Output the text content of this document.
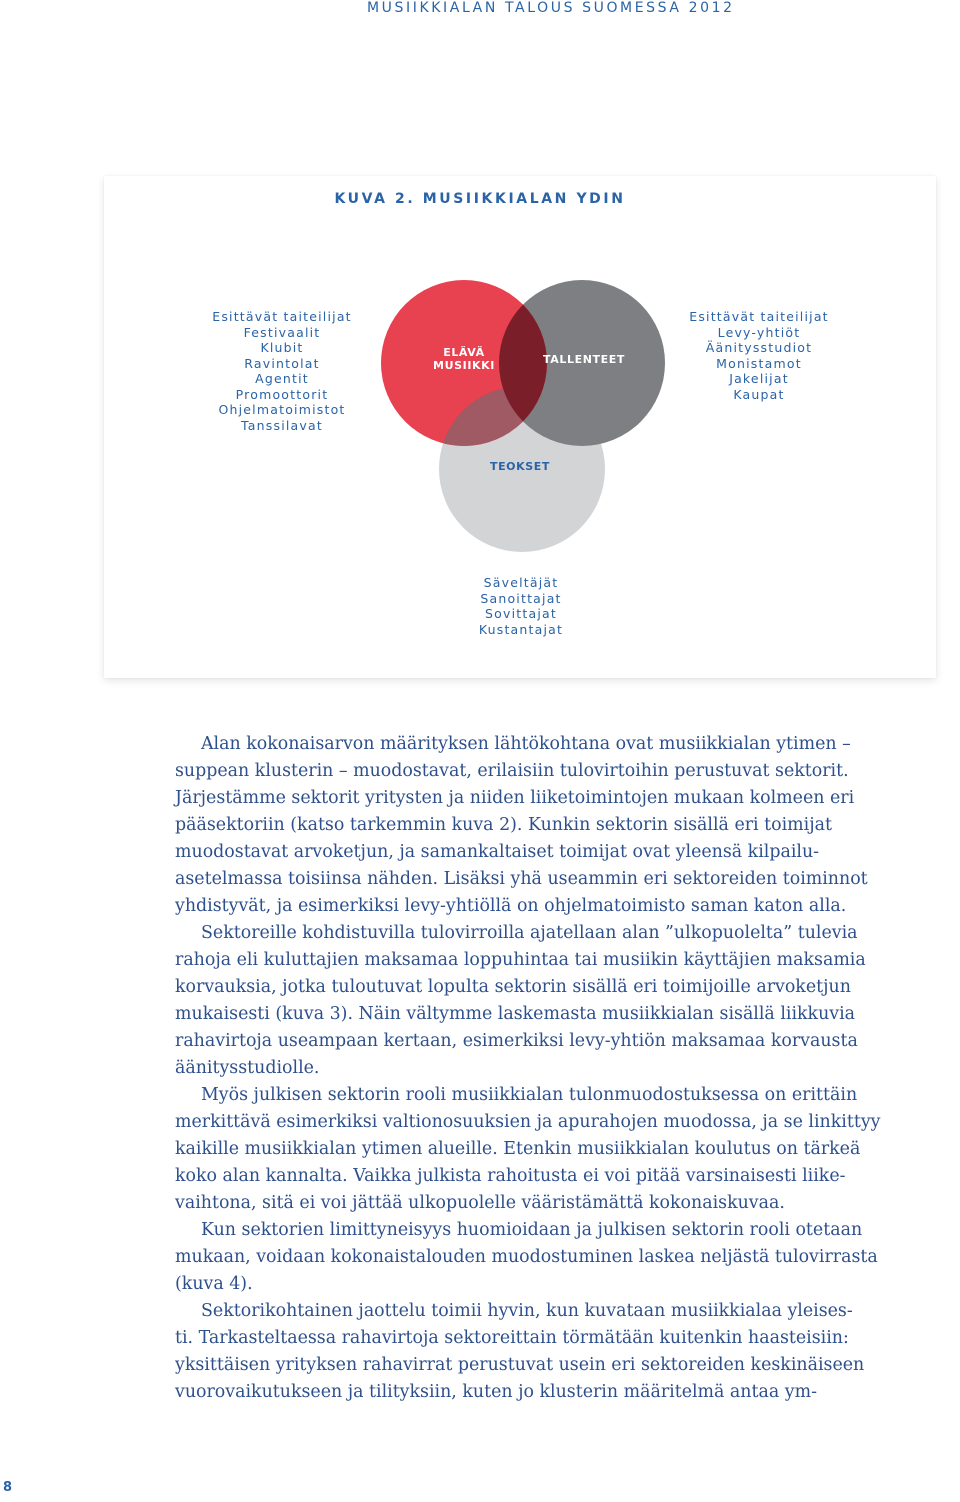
MUSIIKKIALAN TALOUS SUOMESSA 2012
KUVA 2. MUSIIKKIALAN YDIN
ELÄVÄ
MUSIIKKI	TALLENTEET
TEOKSET
Esittävät taiteilijat
Festivaalit
Klubit
Ravintolat
Agentit
Promoottorit
Ohjelmatoimistot
Tanssilavat
Esittävät taiteilijat
Levy-yhtiöt
Äänitysstudiot
Monistamot
Jakelijat
Kaupat
Säveltäjät
Sanoittajat
Sovittajat
Kustantajat
Alan kokonaisarvon määrityksen lähtökohtana ovat musiikkialan ytimen –
suppean klusterin – muodostavat, erilaisiin tulovirtoihin perustuvat sektorit.
Järjestämme sektorit yritysten ja niiden liiketoimintojen mukaan kolmeen eri
pääsektoriin (katso tarkemmin kuva 2). Kunkin sektorin sisällä eri toimijat
muodostavat arvoketjun, ja samankaltaiset toimijat ovat yleensä kilpailu-
asetelmassa toisiinsa nähden. Lisäksi yhä useammin eri sektoreiden toiminnot
yhdistyvät, ja esimerkiksi levy-yhtiöllä on ohjelmatoimisto saman katon alla.
Sektoreille kohdistuvilla tulovirroilla ajatellaan alan ”ulkopuolelta” tulevia
rahoja eli kuluttajien maksamaa loppuhintaa tai musiikin käyttäjien maksamia
korvauksia, jotka tuloutuvat lopulta sektorin sisällä eri toimijoille arvoketjun
mukaisesti (kuva 3). Näin vältymme laskemasta musiikkialan sisällä liikkuvia
rahavirtoja useampaan kertaan, esimerkiksi levy-yhtiön maksamaa korvausta
äänitysstudiolle.
Myös julkisen sektorin rooli musiikkialan tulonmuodostuksessa on erittäin
merkittävä esimerkiksi valtionosuuksien ja apurahojen muodossa, ja se linkittyy
kaikille musiikkialan ytimen alueille. Etenkin musiikkialan koulutus on tärkeä
koko alan kannalta. Vaikka julkista rahoitusta ei voi pitää varsinaisesti liike-
vaihtona, sitä ei voi jättää ulkopuolelle vääristämättä kokonaiskuvaa.
Kun sektorien limittyneisyys huomioidaan ja julkisen sektorin rooli otetaan
mukaan, voidaan kokonaistalouden muodostuminen laskea neljästä tulovirrasta
(kuva 4).
Sektorikohtainen jaottelu toimii hyvin, kun kuvataan musiikkialaa yleises-
ti. Tarkasteltaessa rahavirtoja sektoreittain törmätään kuitenkin haasteisiin:
yksittäisen yrityksen rahavirrat perustuvat usein eri sektoreiden keskinäiseen
vuorovaikutukseen ja tilityksiin, kuten jo klusterin määritelmä antaa ym-
8
